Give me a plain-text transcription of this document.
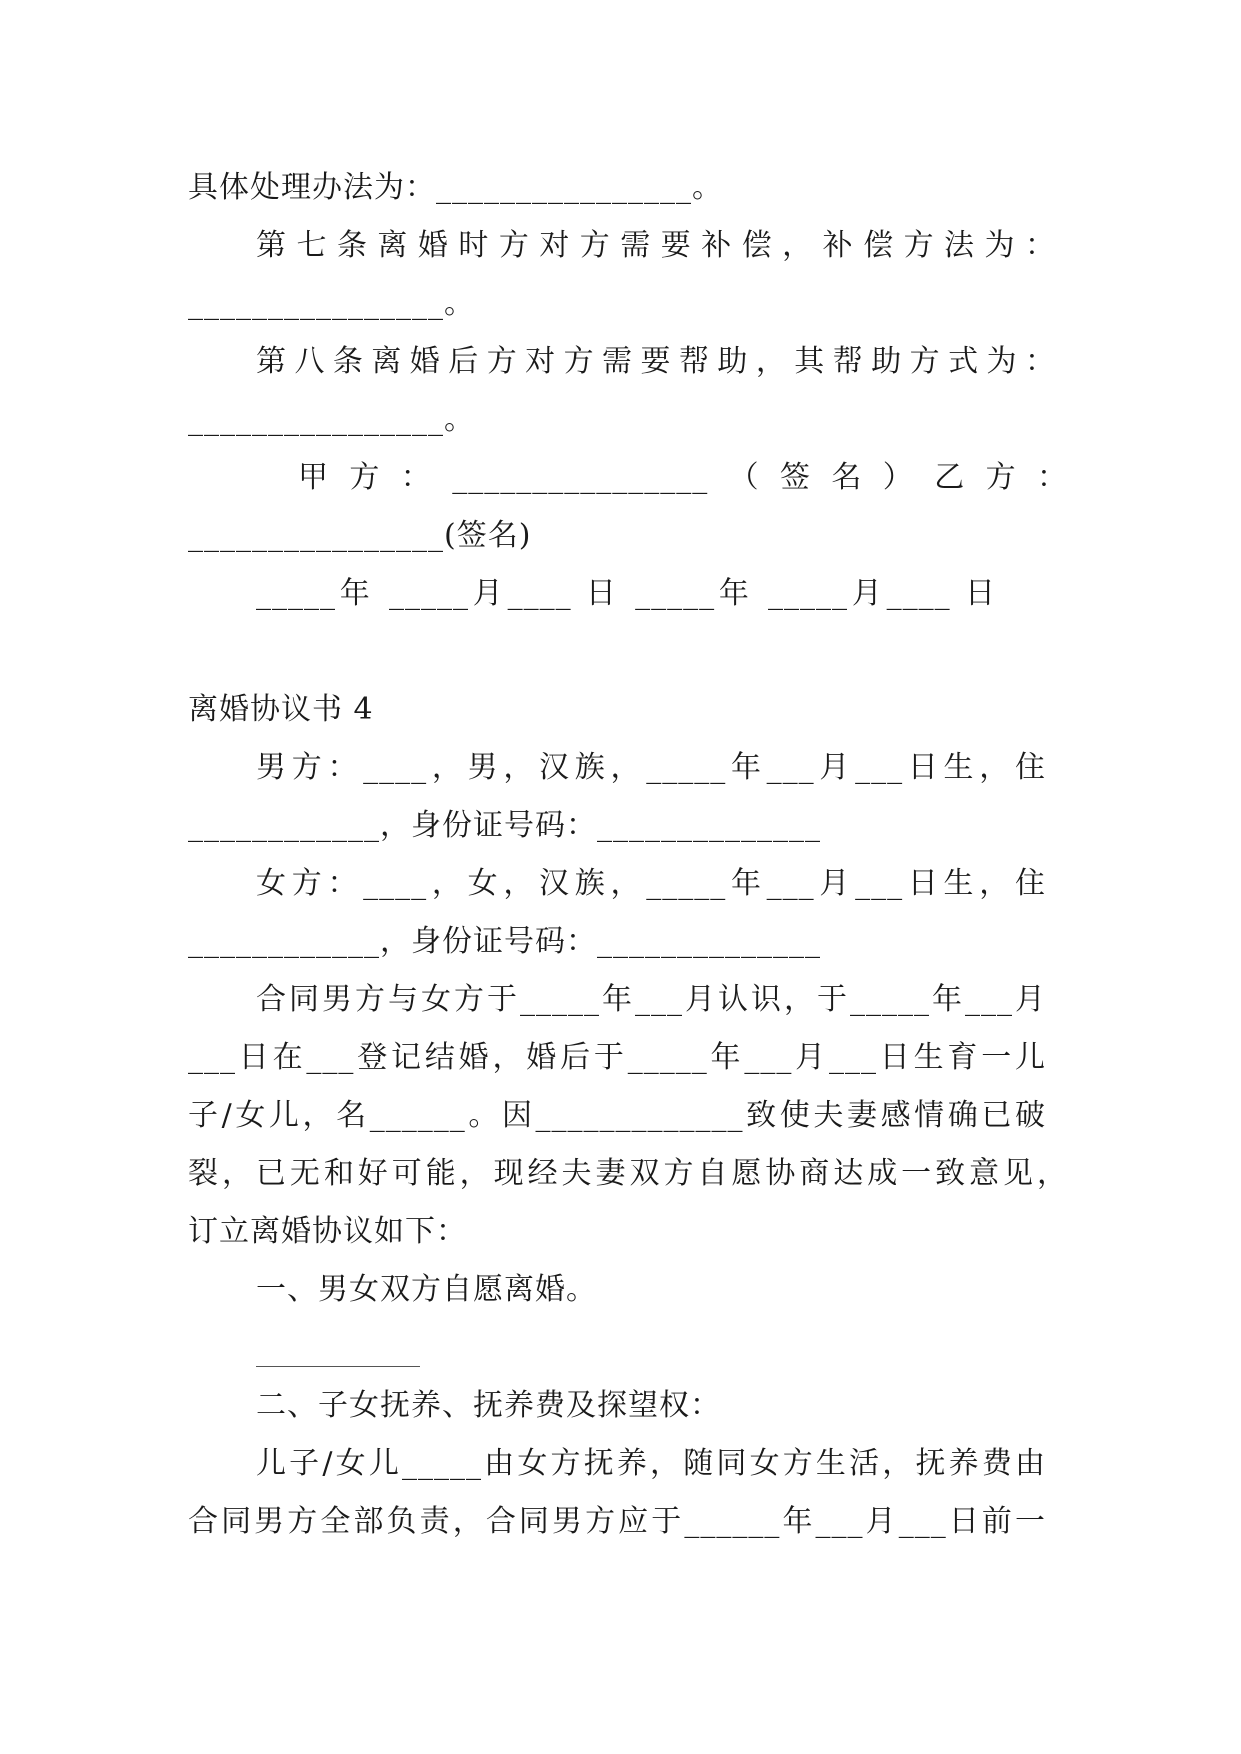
具体处理办法为：________________。
第七条离婚时方对方需要补偿，补偿方法为：
________________。
第八条离婚后方对方需要帮助，其帮助方式为：
________________。
甲方：________________（签名）乙方：
________________(签名)
_____年 _____月____ 日 _____年 _____月____ 日
离婚协议书 4
男方：____，男，汉族，_____年___月___日生，住
____________，身份证号码：______________
女方：____，女，汉族，_____年___月___日生，住
____________，身份证号码：______________
合同男方与女方于_____年___月认识，于_____年___月
___日在___登记结婚，婚后于_____年___月___日生育一儿
子/女儿，名______。因_____________致使夫妻感情确已破
裂，已无和好可能，现经夫妻双方自愿协商达成一致意见，
订立离婚协议如下：
一、男女双方自愿离婚。
二、子女抚养、抚养费及探望权：
儿子/女儿_____由女方抚养，随同女方生活，抚养费由
合同男方全部负责，合同男方应于______年___月___日前一
